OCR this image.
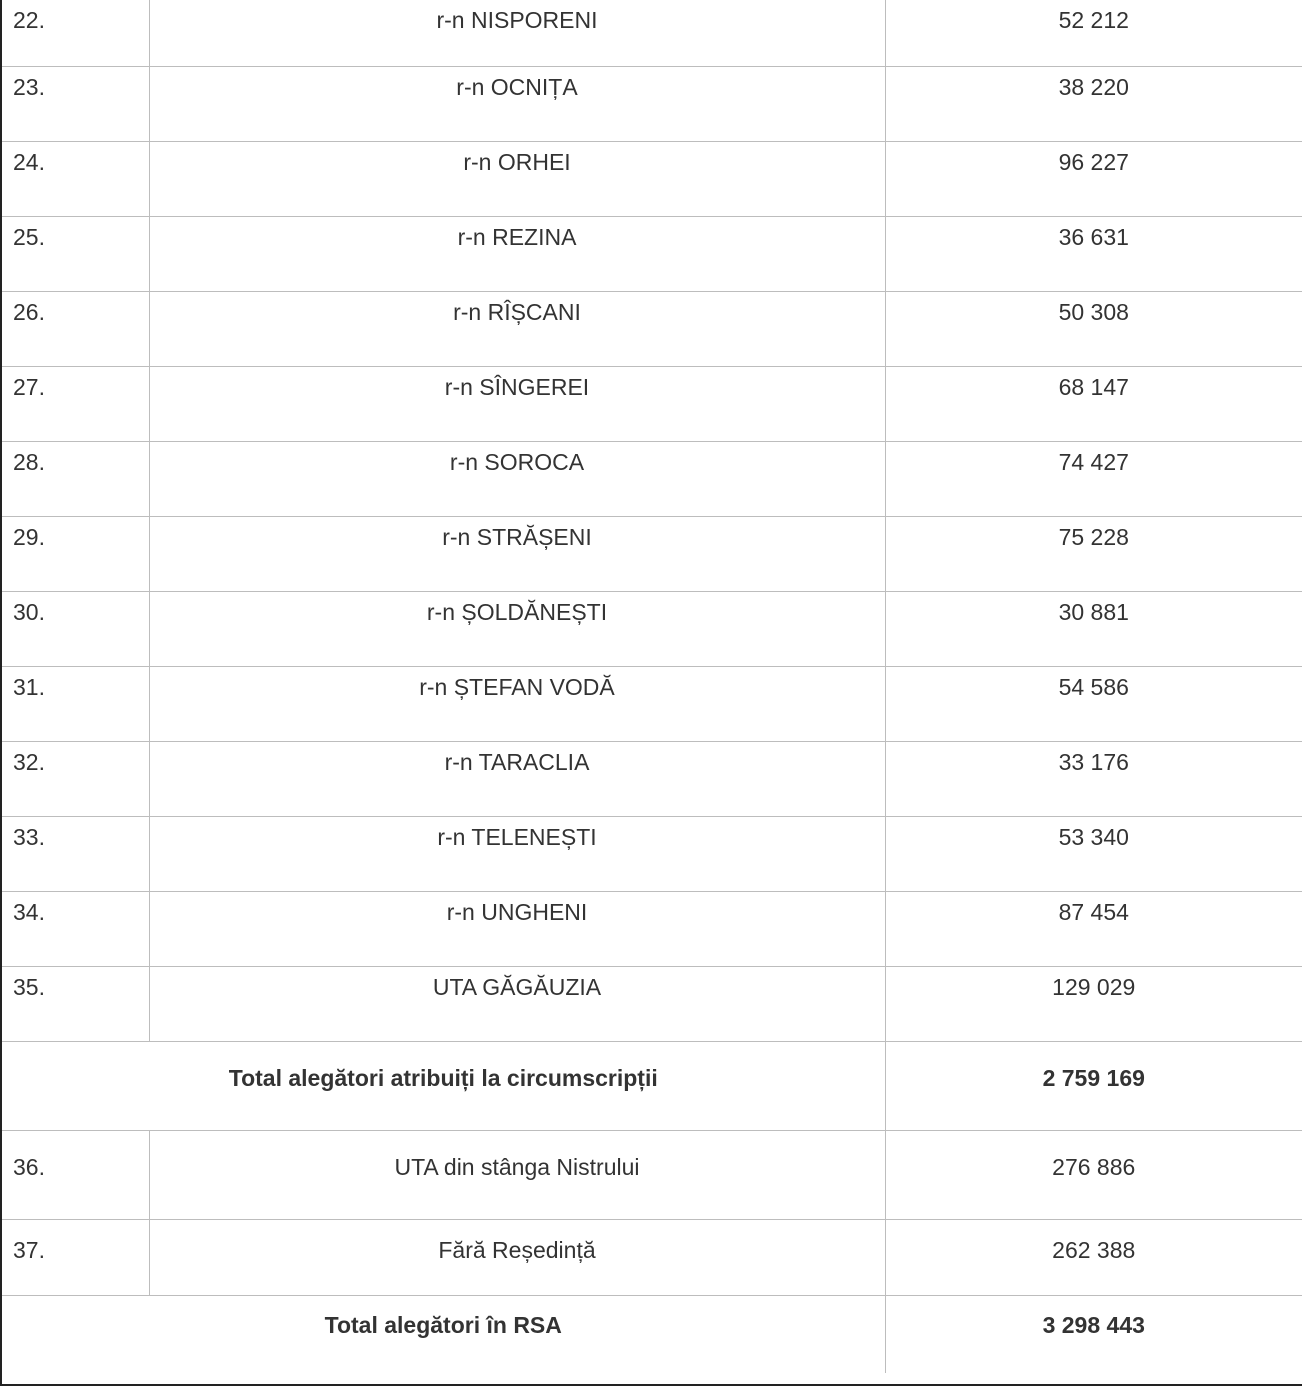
22.	r-n NISPORENI	52 212
23.	r-n OCNIȚA	38 220
24.	r-n ORHEI	96 227
25.	r-n REZINA	36 631
26.	r-n RÎȘCANI	50 308
27.	r-n SÎNGEREI	68 147
28.	r-n SOROCA	74 427
29.	r-n STRĂȘENI	75 228
30.	r-n ȘOLDĂNEȘTI	30 881
31.	r-n ȘTEFAN VODĂ	54 586
32.	r-n TARACLIA	33 176
33.	r-n TELENEȘTI	53 340
34.	r-n UNGHENI	87 454
35.	UTA GĂGĂUZIA	129 029
Total alegători atribuiți la circumscripții		2 759 169
36.	UTA din stânga Nistrului	276 886
37.	Fără Reședință	262 388
Total alegători în RSA		3 298 443
